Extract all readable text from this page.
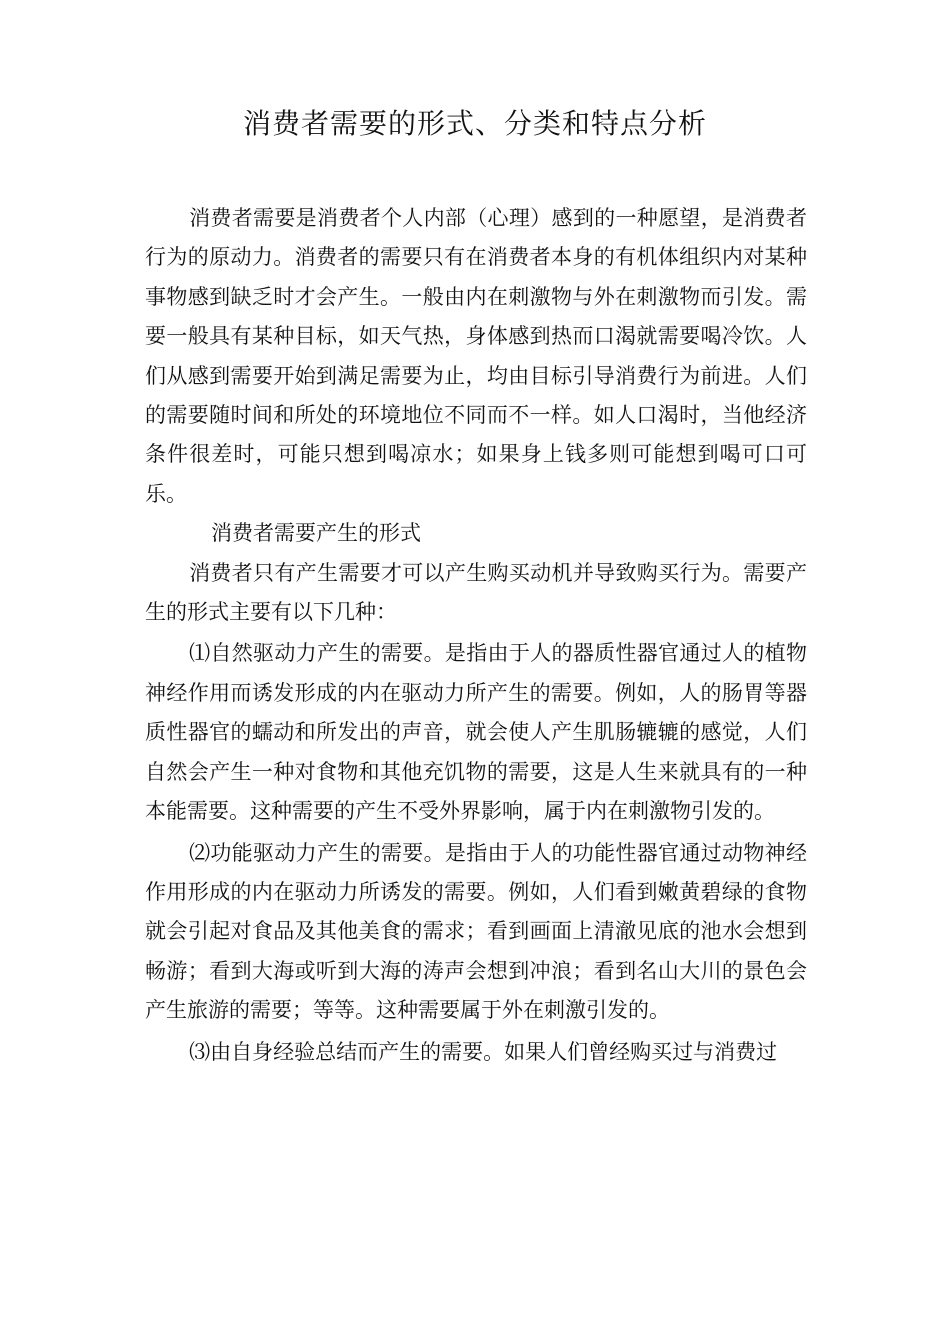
消费者需要的形式、分类和特点分析

消费者需要是消费者个人内部（心理）感到的一种愿望，是消费者行为的原动力。消费者的需要只有在消费者本身的有机体组织内对某种事物感到缺乏时才会产生。一般由内在刺激物与外在刺激物而引发。需要一般具有某种目标，如天气热，身体感到热而口渴就需要喝冷饮。人们从感到需要开始到满足需要为止，均由目标引导消费行为前进。人们的需要随时间和所处的环境地位不同而不一样。如人口渴时，当他经济条件很差时，可能只想到喝凉水；如果身上钱多则可能想到喝可口可乐。

消费者需要产生的形式

消费者只有产生需要才可以产生购买动机并导致购买行为。需要产生的形式主要有以下几种：

⑴自然驱动力产生的需要。是指由于人的器质性器官通过人的植物神经作用而诱发形成的内在驱动力所产生的需要。例如，人的肠胃等器质性器官的蠕动和所发出的声音，就会使人产生肌肠辘辘的感觉，人们自然会产生一种对食物和其他充饥物的需要，这是人生来就具有的一种本能需要。这种需要的产生不受外界影响，属于内在刺激物引发的。

⑵功能驱动力产生的需要。是指由于人的功能性器官通过动物神经作用形成的内在驱动力所诱发的需要。例如，人们看到嫩黄碧绿的食物就会引起对食品及其他美食的需求；看到画面上清澈见底的池水会想到畅游；看到大海或听到大海的涛声会想到冲浪；看到名山大川的景色会产生旅游的需要；等等。这种需要属于外在刺激引发的。

⑶由自身经验总结而产生的需要。如果人们曾经购买过与消费过
